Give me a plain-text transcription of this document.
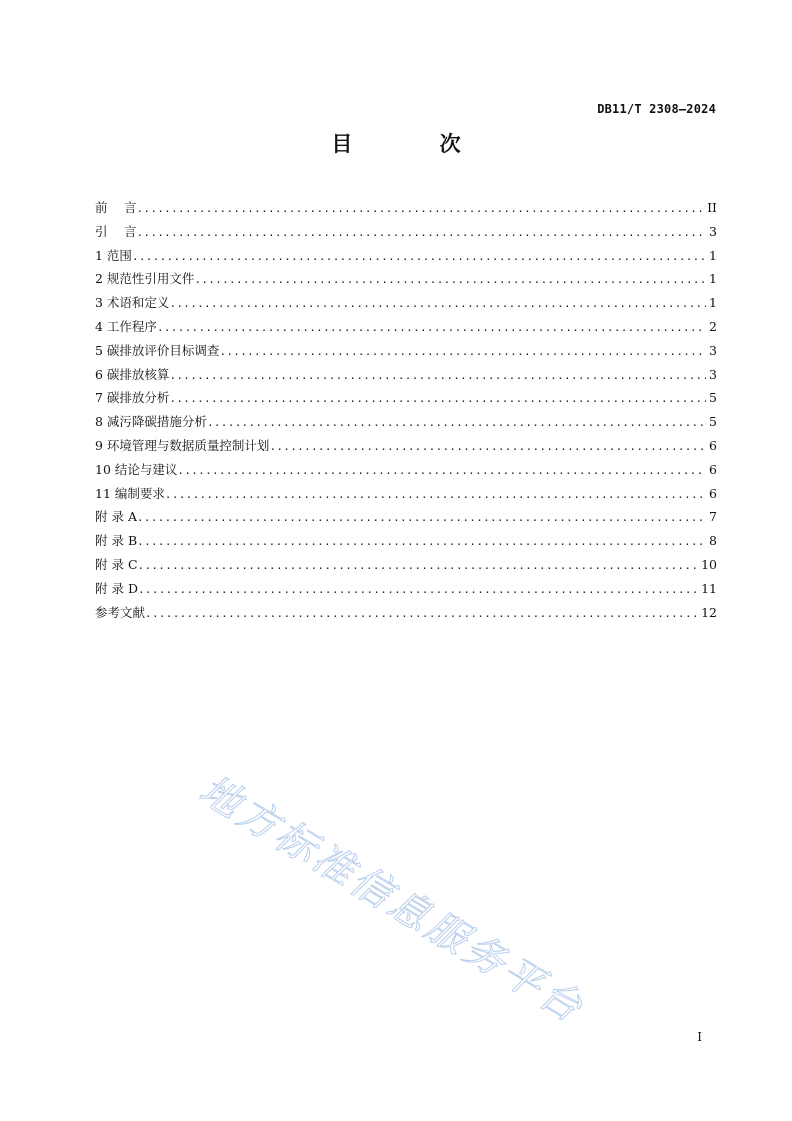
DB11/T 2308—2024
目 次
前　 言 .....	II
引　 言 .....	3
1 范围 .....	1
2 规范性引用文件 .....	1
3 术语和定义 .....	1
4 工作程序 .....	2
5 碳排放评价目标调查 .....	3
6 碳排放核算 .....	3
7 碳排放分析 .....	5
8 减污降碳措施分析 .....	5
9 环境管理与数据质量控制计划 .....	6
10 结论与建议 .....	6
11 编制要求 .....	6
附 录 A .....	7
附 录 B .....	8
附 录 C .....	10
附 录 D .....	11
参考文献 .....	12
地方标准信息服务平台
I
